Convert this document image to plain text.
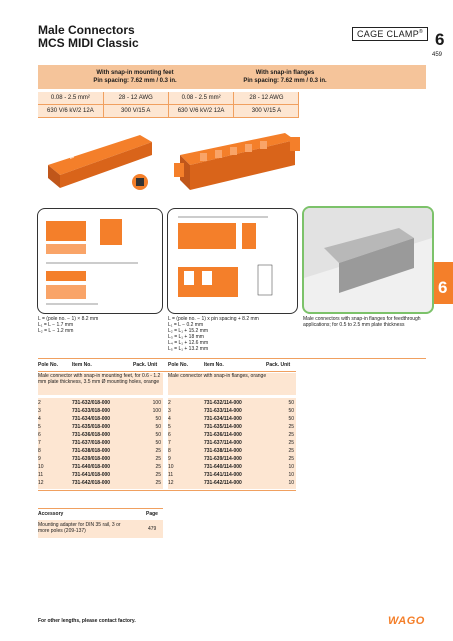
Male Connectors
MCS MIDI Classic
CAGE CLAMP® 6
459
With snap-in mounting feet
Pin spacing: 7.62 mm / 0.3 in.
With snap-in flanges
Pin spacing: 7.62 mm / 0.3 in.
0.08 - 2.5 mm²	28 - 12 AWG	0.08 - 2.5 mm²	28 - 12 AWG	
630 V/6 kV/2 12A	300 V/15 A	630 V/6 kV/2 12A	300 V/15 A	
6
L = (pole no. − 1) × 8.2 mm
L₁ = L − 1.7 mm
L₂ = L − 1.2 mm
L = (pole no. − 1) x pin spacing + 8.2 mm
L₁ = L − 0.2 mm
L₂ = L₁ + 15.2 mm
L₃ = L₁ + 18 mm
L₄ = L₁ + 12.6 mm
L₅ = L₁ + 13.2 mm
Male connectors with snap-in flanges for feedthrough applications; for 0.5 to 2.5 mm plate thickness
Pole No.	Item No.	Pack. Unit Pole No.	Item No.	Pack. Unit
Male connector with snap-in mounting feet, for 0.6 - 1.2 mm plate thickness, 3.5 mm Ø mounting holes, orange
Male connector with snap-in flanges, orange
2	731-632/018-000	100
3	731-633/018-000	100
4	731-634/018-000	50
5	731-635/018-000	50
6	731-636/018-000	50
7	731-637/018-000	50
8	731-638/018-000	25
9	731-639/018-000	25
10	731-640/018-000	25
11	731-641/018-000	25
12	731-642/018-000	25
2	731-632/114-000	50
3	731-633/114-000	50
4	731-634/114-000	50
5	731-635/114-000	25
6	731-636/114-000	25
7	731-637/114-000	25
8	731-638/114-000	25
9	731-639/114-000	25
10	731-640/114-000	10
11	731-641/114-000	10
12	731-642/114-000	10
Accessory	Page
Mounting adapter for DIN 35 rail, 3 or more poles (209-137)	479
For other lengths, please contact factory.	WAGO
